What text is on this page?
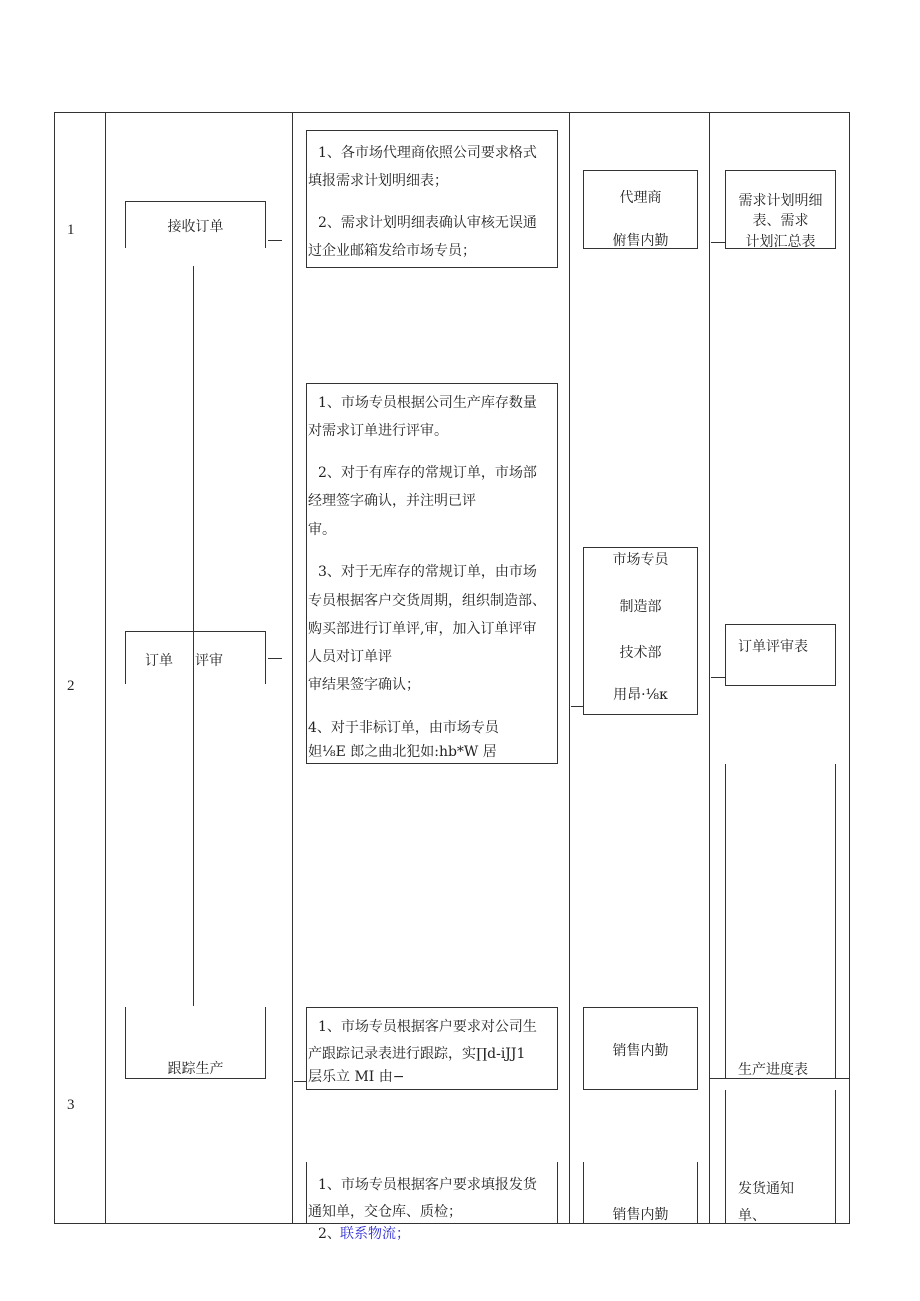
1
2
3
接收订单
订单 评审
跟踪生产
1、各市场代理商依照公司要求格式
填报需求计划明细表；
2、需求计划明细表确认审核无误通
过企业邮箱发给市场专员；
1、市场专员根据公司生产库存数量
对需求订单进行评审。
2、对于有库存的常规订单，市场部
经理签字确认，并注明已评
审。
3、对于无库存的常规订单，由市场
专员根据客户交货周期，组织制造部、
购买部进行订单评,审，加入订单评审
人员对订单评
审结果签字确认；
4、对于非标订单，由市场专员
妲⅛E 郎之曲北犯如:hb*W 居
1、市场专员根据客户要求对公司生
产跟踪记录表进行跟踪，实∏d-iJJ1
层乐立 MI 由−
1、市场专员根据客户要求填报发货
通知单，交仓库、质检；
2、 联系物流；
代理商
俯售内勤
市场专员
制造部
技术部
用昂·⅛κ
销售内勤
销售内勤
需求计划明细
表、需求
计划汇总表
订单评审表
生产进度表
发货通知
单、
